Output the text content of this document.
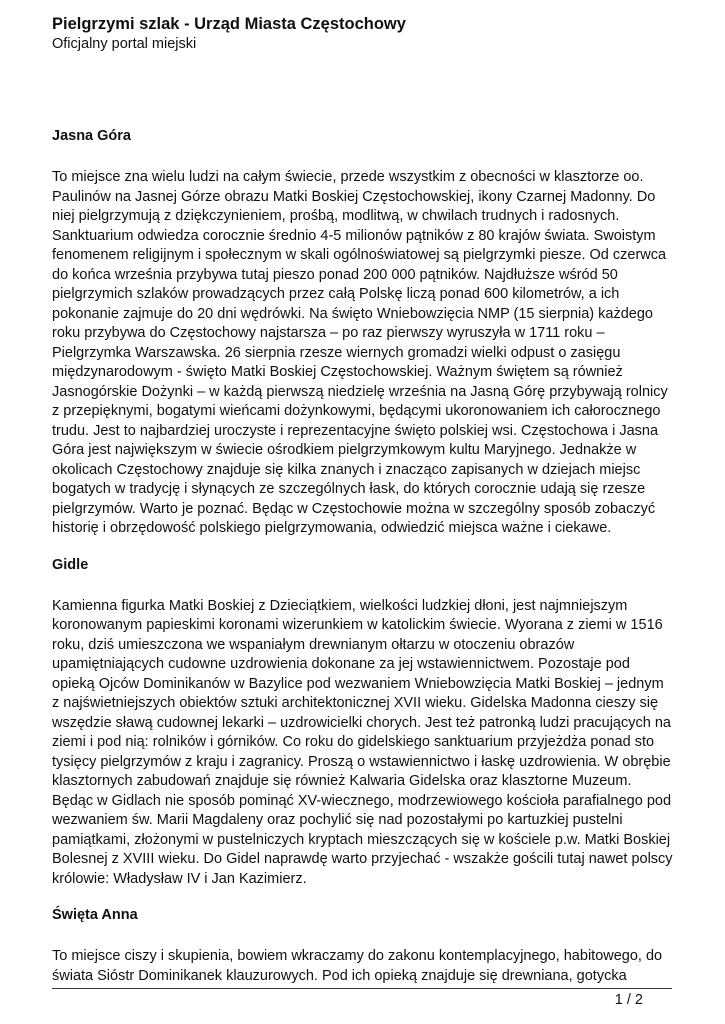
Pielgrzymi szlak - Urząd Miasta Częstochowy

Oficjalny portal miejski

Jasna Góra

To miejsce zna wielu ludzi na całym świecie, przede wszystkim z obecności w klasztorze oo. Paulinów na Jasnej Górze obrazu Matki Boskiej Częstochowskiej, ikony Czarnej Madonny. Do niej pielgrzymują z dziękczynieniem, prośbą, modlitwą, w chwilach trudnych i radosnych. Sanktuarium odwiedza corocznie średnio 4-5 milionów pątników z 80 krajów świata. Swoistym fenomenem religijnym i społecznym w skali ogólnoświatowej są pielgrzymki piesze. Od czerwca do końca września przybywa tutaj pieszo ponad 200 000 pątników. Najdłuższe wśród 50 pielgrzymich szlaków prowadzących przez całą Polskę liczą ponad 600 kilometrów, a ich pokonanie zajmuje do 20 dni wędrówki. Na święto Wniebowzięcia NMP (15 sierpnia) każdego roku przybywa do Częstochowy najstarsza – po raz pierwszy wyruszyła w 1711 roku – Pielgrzymka Warszawska. 26 sierpnia rzesze wiernych gromadzi wielki odpust o zasięgu międzynarodowym - święto Matki Boskiej Częstochowskiej. Ważnym świętem są również Jasnogórskie Dożynki – w każdą pierwszą niedzielę września na Jasną Górę przybywają rolnicy z przepięknymi, bogatymi wieńcami dożynkowymi, będącymi ukoronowaniem ich całorocznego trudu. Jest to najbardziej uroczyste i reprezentacyjne święto polskiej wsi. Częstochowa i Jasna Góra jest największym w świecie ośrodkiem pielgrzymkowym kultu Maryjnego. Jednakże w okolicach Częstochowy znajduje się kilka znanych i znacząco zapisanych w dziejach miejsc bogatych w tradycję i słynących ze szczególnych łask, do których corocznie udają się rzesze pielgrzymów. Warto je poznać. Będąc w Częstochowie można w szczególny sposób zobaczyć historię i obrzędowość polskiego pielgrzymowania, odwiedzić miejsca ważne i ciekawe.

Gidle

Kamienna figurka Matki Boskiej z Dzieciątkiem, wielkości ludzkiej dłoni, jest najmniejszym koronowanym papieskimi koronami wizerunkiem w katolickim świecie. Wyorana z ziemi w 1516 roku, dziś umieszczona we wspaniałym drewnianym ołtarzu w otoczeniu obrazów upamiętniających cudowne uzdrowienia dokonane za jej wstawiennictwem. Pozostaje pod opieką Ojców Dominikanów w Bazylice pod wezwaniem Wniebowzięcia Matki Boskiej – jednym z najświetniejszych obiektów sztuki architektonicznej XVII wieku. Gidelska Madonna cieszy się wszędzie sławą cudownej lekarki – uzdrowicielki chorych. Jest też patronką ludzi pracujących na ziemi i pod nią: rolników i górników. Co roku do gidelskiego sanktuarium przyjeżdża ponad sto tysięcy pielgrzymów z kraju i zagranicy. Proszą o wstawiennictwo i łaskę uzdrowienia. W obrębie klasztornych zabudowań znajduje się również Kalwaria Gidelska oraz klasztorne Muzeum. Będąc w Gidlach nie sposób pominąć XV-wiecznego, modrzewiowego kościoła parafialnego pod wezwaniem św. Marii Magdaleny oraz pochylić się nad pozostałymi po kartuzkiej pustelni pamiątkami, złożonymi w pustelniczych kryptach mieszczących się w kościele p.w. Matki Boskiej Bolesnej z XVIII wieku. Do Gidel naprawdę warto przyjechać - wszakże gościli tutaj nawet polscy królowie: Władysław IV i Jan Kazimierz.

Święta Anna

To miejsce ciszy i skupienia, bowiem wkraczamy do zakonu kontemplacyjnego, habitowego, do świata Sióstr Dominikanek klauzurowych. Pod ich opieką znajduje się drewniana, gotycka

1 / 2
